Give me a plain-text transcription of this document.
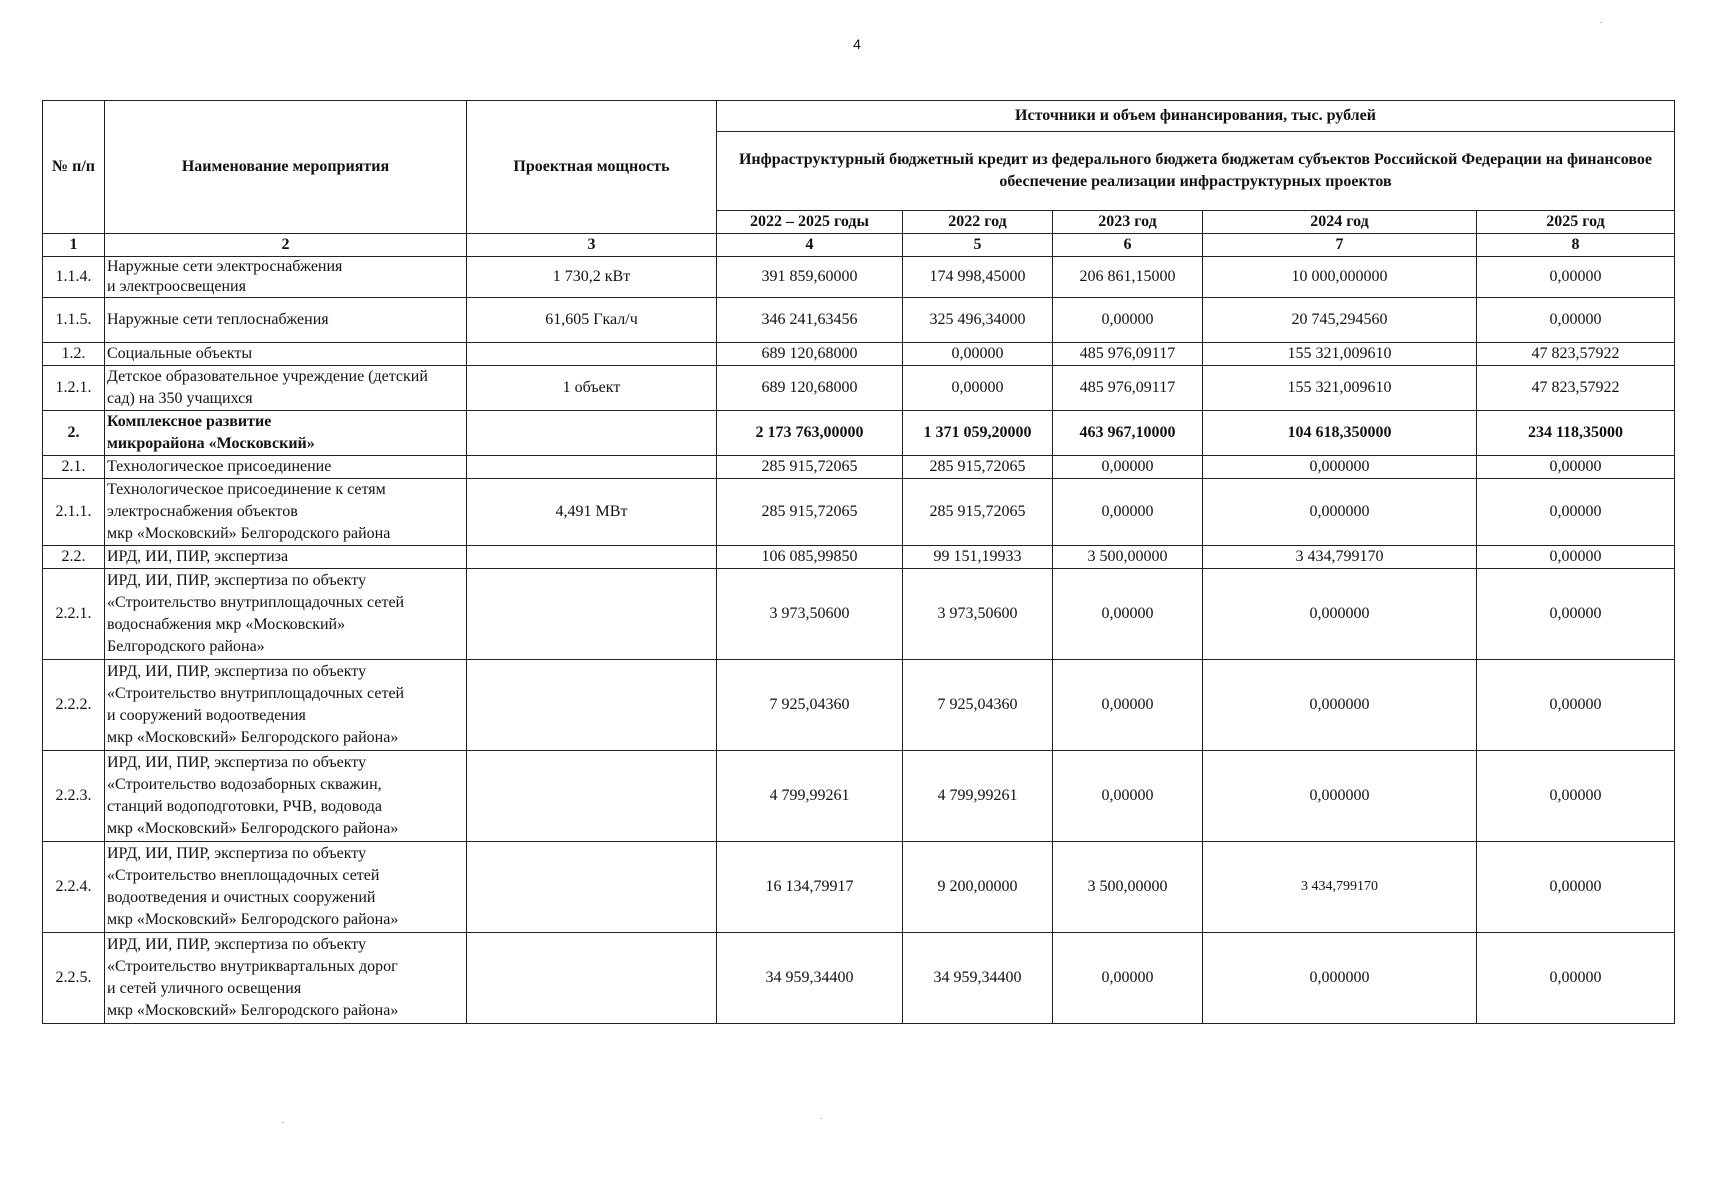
4
№ п/п	Наименование мероприятия	Проектная мощность	Источники и объем финансирования, тыс. рублей				
			Инфраструктурный бюджетный кредит из федерального бюджета бюджетам субъектов Российской Федерации на финансовое обеспечение реализации инфраструктурных проектов				
			2022 – 2025 годы	2022 год	2023 год	2024 год	2025 год
1	2	3	4	5	6	7	8
1.1.4.	Наружные сети электроснабжения
и электроосвещения	1 730,2 кВт	391 859,60000	174 998,45000	206 861,15000	10 000,000000	0,00000
1.1.5.	Наружные сети теплоснабжения	61,605 Гкал/ч	346 241,63456	325 496,34000	0,00000	20 745,294560	0,00000
1.2.	Социальные объекты		689 120,68000	0,00000	485 976,09117	155 321,009610	47 823,57922
1.2.1.	Детское образовательное учреждение (детский
сад) на 350 учащихся	1 объект	689 120,68000	0,00000	485 976,09117	155 321,009610	47 823,57922
2.	Комплексное развитие
микрорайона «Московский»		2 173 763,00000	1 371 059,20000	463 967,10000	104 618,350000	234 118,35000
2.1.	Технологическое присоединение		285 915,72065	285 915,72065	0,00000	0,000000	0,00000
2.1.1.	Технологическое присоединение к сетям
электроснабжения объектов
мкр «Московский» Белгородского района	4,491 МВт	285 915,72065	285 915,72065	0,00000	0,000000	0,00000
2.2.	ИРД, ИИ, ПИР, экспертиза		106 085,99850	99 151,19933	3 500,00000	3 434,799170	0,00000
2.2.1.	ИРД, ИИ, ПИР, экспертиза по объекту
«Строительство внутриплощадочных сетей
водоснабжения мкр «Московский»
Белгородского района»		3 973,50600	3 973,50600	0,00000	0,000000	0,00000
2.2.2.	ИРД, ИИ, ПИР, экспертиза по объекту
«Строительство внутриплощадочных сетей
и сооружений водоотведения
мкр «Московский» Белгородского района»		7 925,04360	7 925,04360	0,00000	0,000000	0,00000
2.2.3.	ИРД, ИИ, ПИР, экспертиза по объекту
«Строительство водозаборных скважин,
станций водоподготовки, РЧВ, водовода
мкр «Московский» Белгородского района»		4 799,99261	4 799,99261	0,00000	0,000000	0,00000
2.2.4.	ИРД, ИИ, ПИР, экспертиза по объекту
«Строительство внеплощадочных сетей
водоотведения и очистных сооружений
мкр «Московский» Белгородского района»		16 134,79917	9 200,00000	3 500,00000	3 434,799170	0,00000
2.2.5.	ИРД, ИИ, ПИР, экспертиза по объекту
«Строительство внутриквартальных дорог
и сетей уличного освещения
мкр «Московский» Белгородского района»		34 959,34400	34 959,34400	0,00000	0,000000	0,00000
